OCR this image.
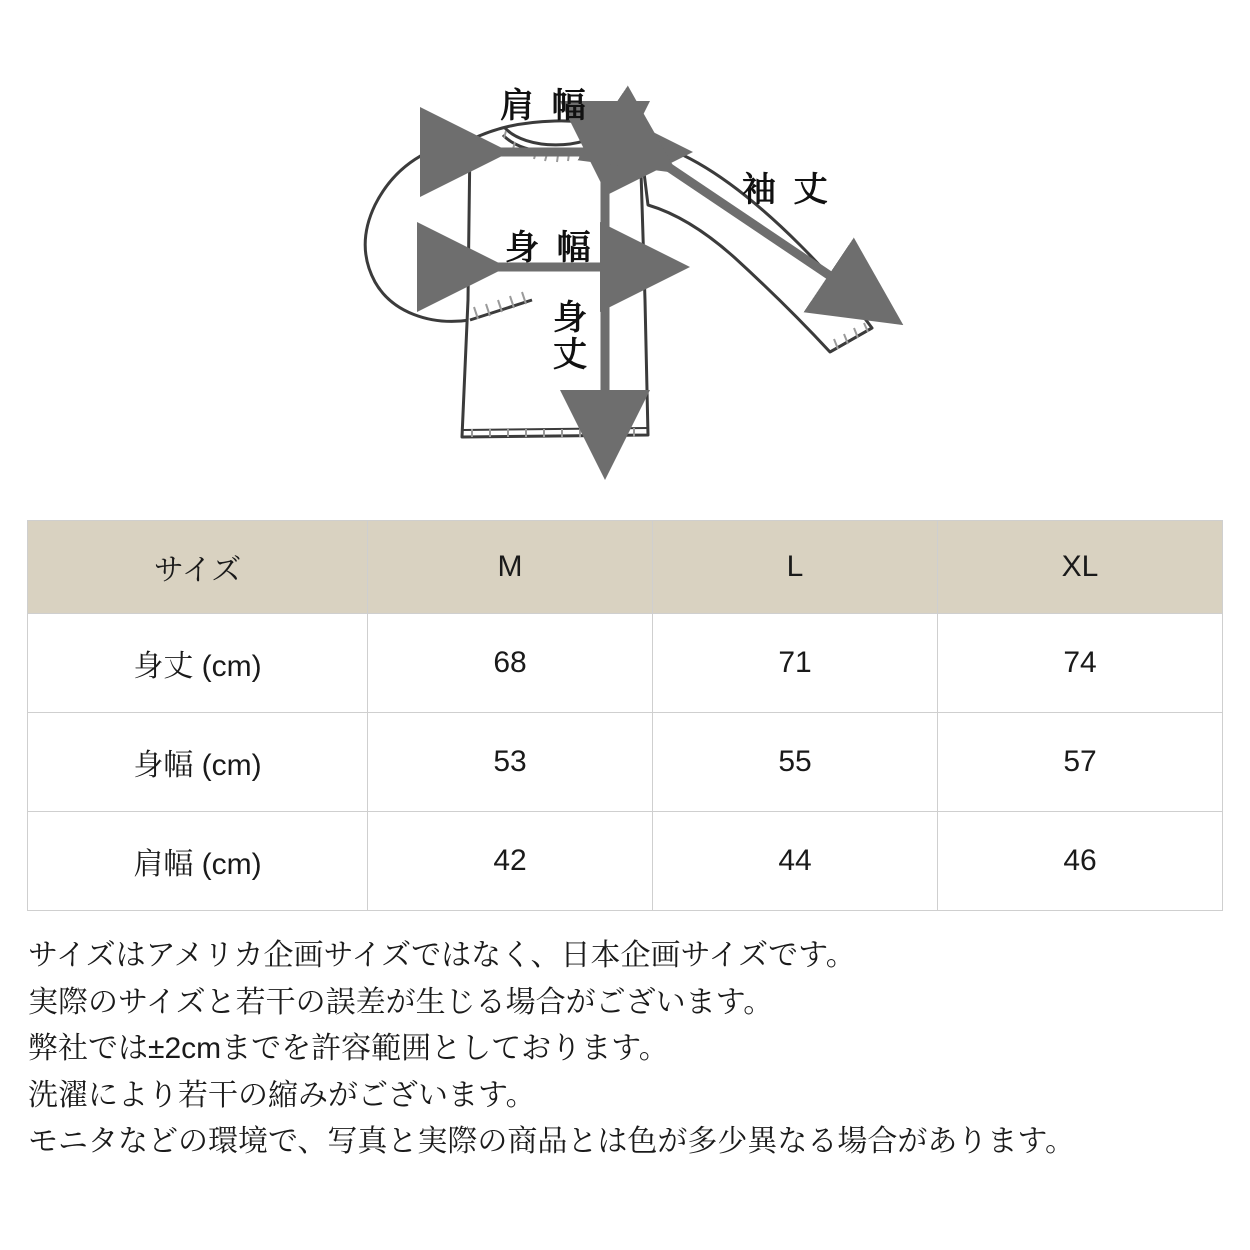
肩 幅
袖 丈
身 幅
身
丈
サイズ	M	L	XL
身丈 (cm)	68	71	74
身幅 (cm)	53	55	57
肩幅 (cm)	42	44	46
サイズはアメリカ企画サイズではなく、日本企画サイズです。
実際のサイズと若干の誤差が生じる場合がございます。
弊社では±2cmまでを許容範囲としております。
洗濯により若干の縮みがございます。
モニタなどの環境で、写真と実際の商品とは色が多少異なる場合があります。
